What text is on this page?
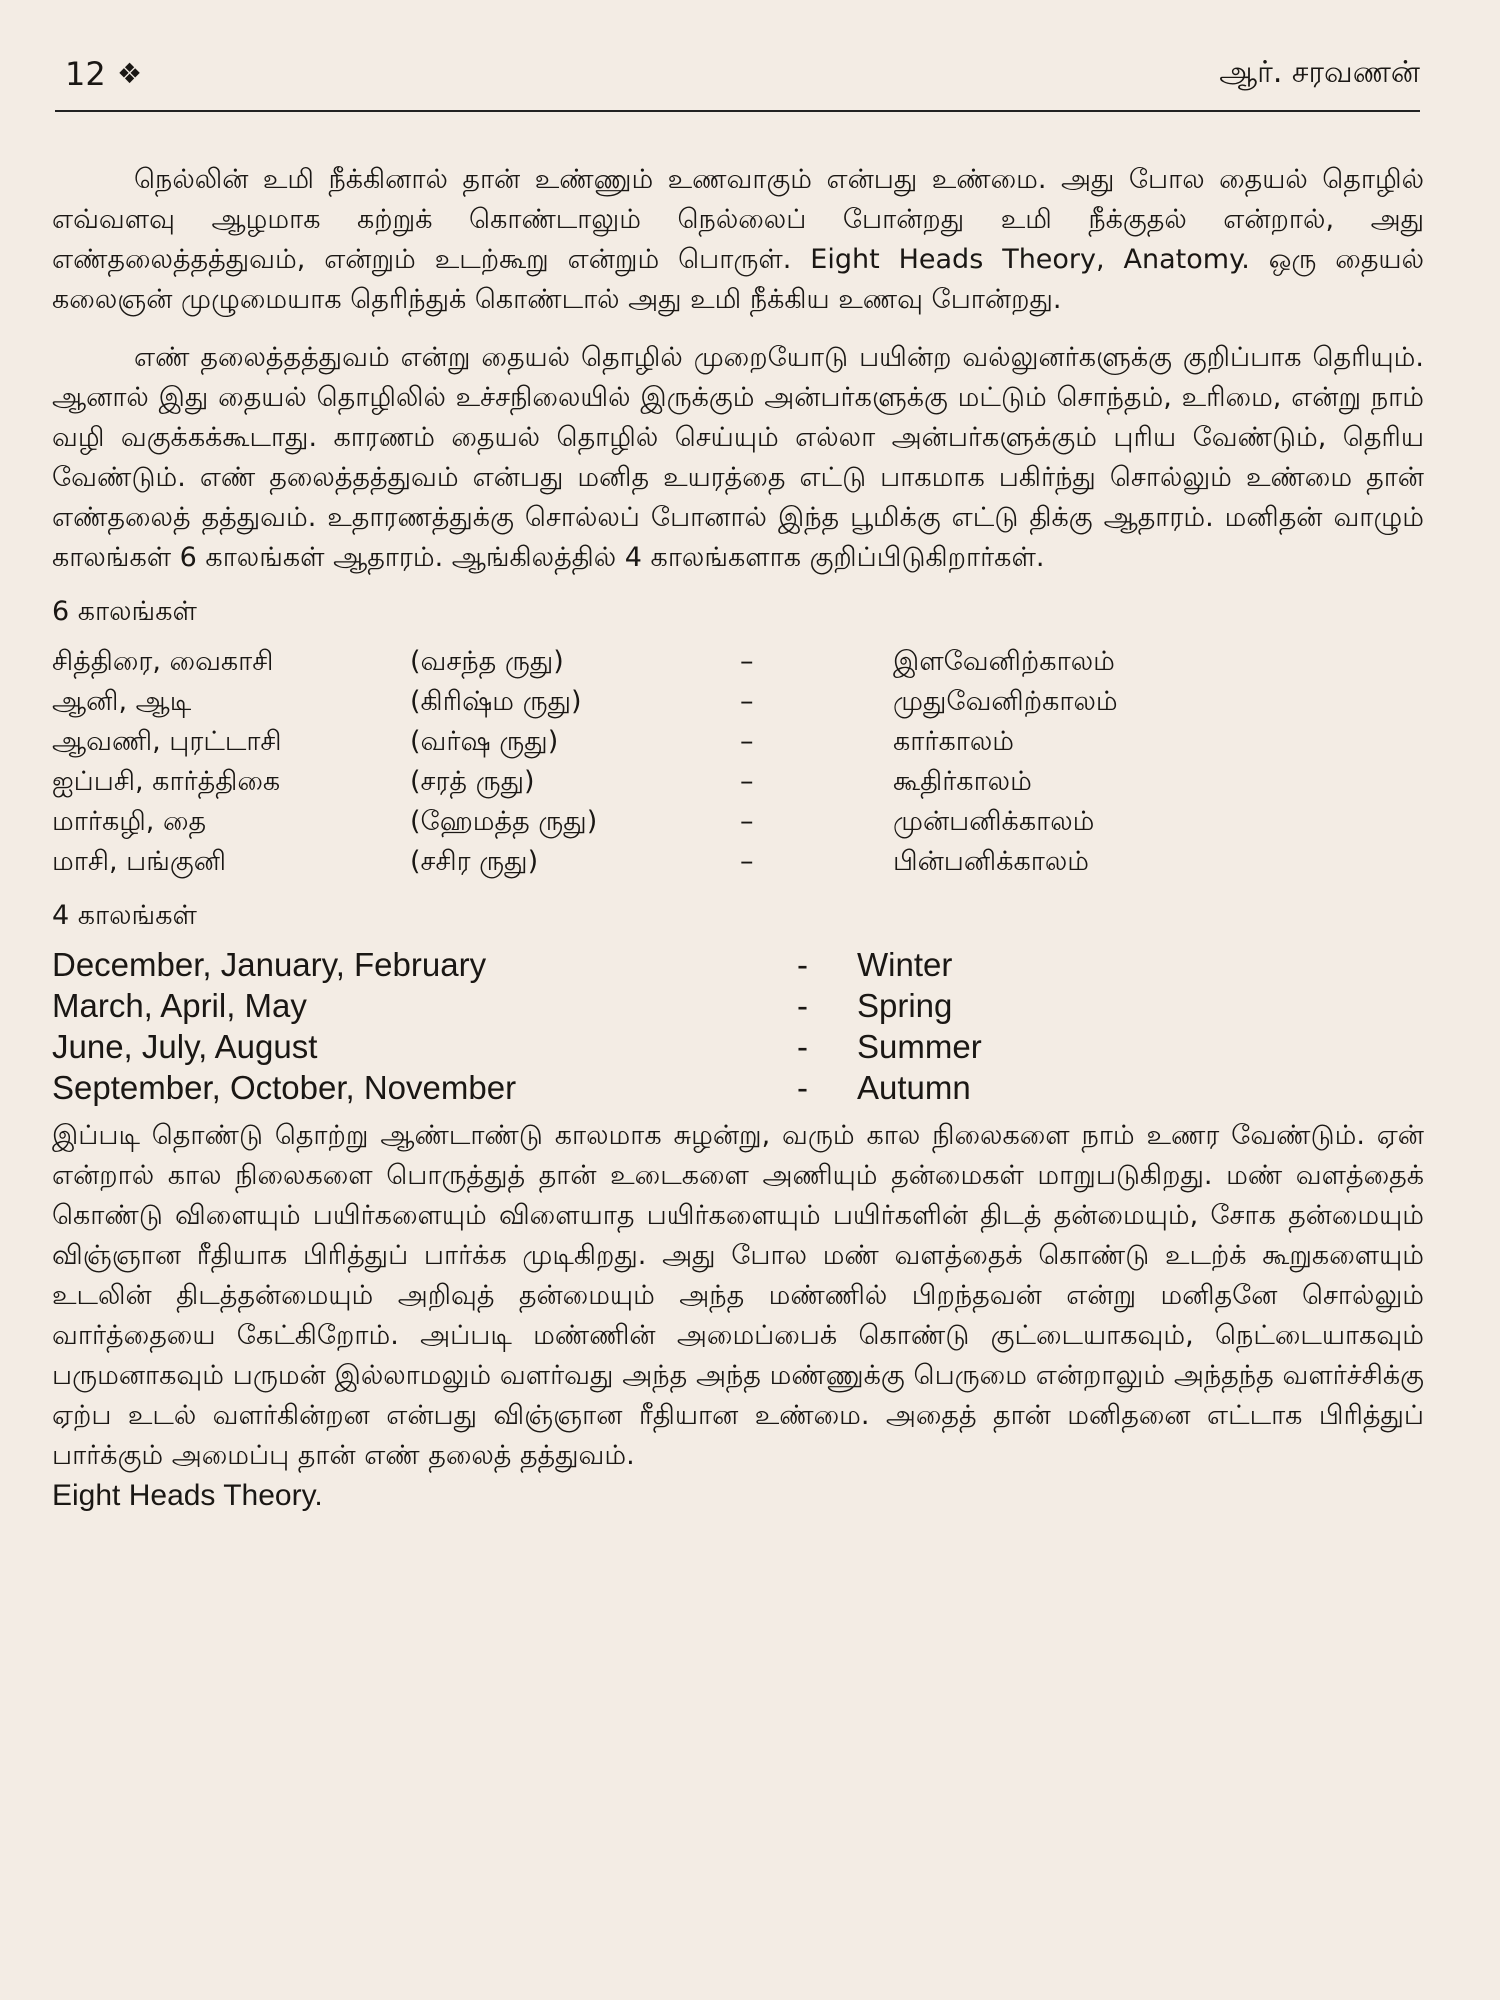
12 ❖	ஆர். சரவணன்

நெல்லின் உமி நீக்கினால் தான் உண்ணும் உணவாகும் என்பது உண்மை. அது போல தையல் தொழில் எவ்வளவு ஆழமாக கற்றுக் கொண்டாலும் நெல்லைப் போன்றது உமி நீக்குதல் என்றால், அது எண்தலைத்தத்துவம், என்றும் உடற்கூறு என்றும் பொருள். Eight Heads Theory, Anatomy. ஒரு தையல் கலைஞன் முழுமையாக தெரிந்துக் கொண்டால் அது உமி நீக்கிய உணவு போன்றது.

எண் தலைத்தத்துவம் என்று தையல் தொழில் முறையோடு பயின்ற வல்லுனர்களுக்கு குறிப்பாக தெரியும். ஆனால் இது தையல் தொழிலில் உச்சநிலையில் இருக்கும் அன்பர்களுக்கு மட்டும் சொந்தம், உரிமை, என்று நாம் வழி வகுக்கக்கூடாது. காரணம் தையல் தொழில் செய்யும் எல்லா அன்பர்களுக்கும் புரிய வேண்டும், தெரிய வேண்டும். எண் தலைத்தத்துவம் என்பது மனித உயரத்தை எட்டு பாகமாக பகிர்ந்து சொல்லும் உண்மை தான் எண்தலைத் தத்துவம். உதாரணத்துக்கு சொல்லப் போனால் இந்த பூமிக்கு எட்டு திக்கு ஆதாரம். மனிதன் வாழும் காலங்கள் 6 காலங்கள் ஆதாரம். ஆங்கிலத்தில் 4 காலங்களாக குறிப்பிடுகிறார்கள்.

6 காலங்கள்
சித்திரை, வைகாசி	(வசந்த ருது)	–	இளவேனிற்காலம்
ஆனி, ஆடி	(கிரிஷ்ம ருது)	–	முதுவேனிற்காலம்
ஆவணி, புரட்டாசி	(வர்ஷ ருது)	–	கார்காலம்
ஐப்பசி, கார்த்திகை	(சரத் ருது)	–	கூதிர்காலம்
மார்கழி, தை	(ஹேமத்த ருது)	–	முன்பனிக்காலம்
மாசி, பங்குனி	(சசிர ருது)	–	பின்பனிக்காலம்
4 காலங்கள்
December, January, February	-	Winter
March, April, May	-	Spring
June, July, August	-	Summer
September, October, November	-	Autumn

இப்படி தொண்டு தொற்று ஆண்டாண்டு காலமாக சுழன்று, வரும் கால நிலைகளை நாம் உணர வேண்டும். ஏன் என்றால் கால நிலைகளை பொருத்துத் தான் உடைகளை அணியும் தன்மைகள் மாறுபடுகிறது. மண் வளத்தைக் கொண்டு விளையும் பயிர்களையும் விளையாத பயிர்களையும் பயிர்களின் திடத் தன்மையும், சோக தன்மையும் விஞ்ஞான ரீதியாக பிரித்துப் பார்க்க முடிகிறது. அது போல மண் வளத்தைக் கொண்டு உடற்க் கூறுகளையும் உடலின் திடத்தன்மையும் அறிவுத் தன்மையும் அந்த மண்ணில் பிறந்தவன் என்று மனிதனே சொல்லும் வார்த்தையை கேட்கிறோம். அப்படி மண்ணின் அமைப்பைக் கொண்டு குட்டையாகவும், நெட்டையாகவும் பருமனாகவும் பருமன் இல்லாமலும் வளர்வது அந்த அந்த மண்ணுக்கு பெருமை என்றாலும் அந்தந்த வளர்ச்சிக்கு ஏற்ப உடல் வளர்கின்றன என்பது விஞ்ஞான ரீதியான உண்மை. அதைத் தான் மனிதனை எட்டாக பிரித்துப் பார்க்கும் அமைப்பு தான் எண் தலைத் தத்துவம்.

Eight Heads Theory.
